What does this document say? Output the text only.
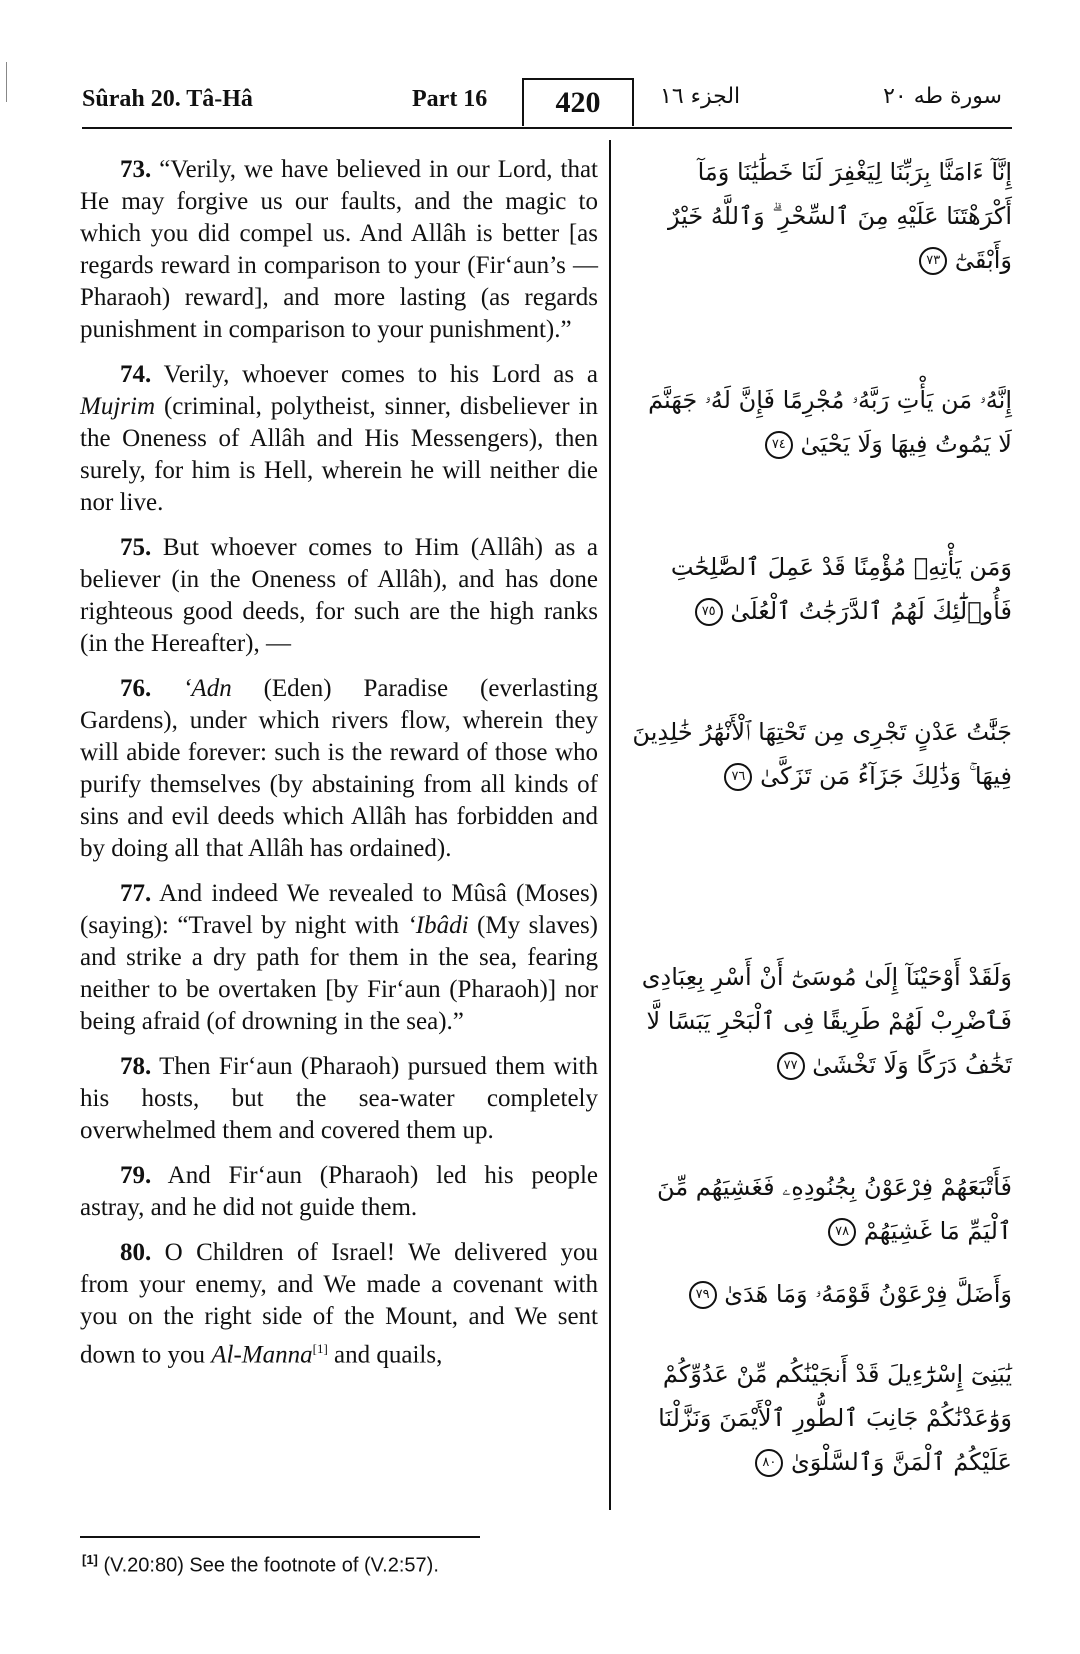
Sûrah 20. Tâ-Hâ	Part 16	420	الجزء ١٦	سورة طه ٢٠

73. “Verily, we have believed in our Lord, that He may forgive us our faults, and the magic to which you did compel us. And Allâh is better [as regards reward in comparison to your (Fir‘aun’s — Pharaoh) reward], and more lasting (as regards punishment in comparison to your punishment).”

74. Verily, whoever comes to his Lord as a Mujrim (criminal, polytheist, sinner, disbeliever in the Oneness of Allâh and His Messengers), then surely, for him is Hell, wherein he will neither die nor live.

75. But whoever comes to Him (Allâh) as a believer (in the Oneness of Allâh), and has done righteous good deeds, for such are the high ranks (in the Hereafter), —

76. ‘Adn (Eden) Paradise (everlasting Gardens), under which rivers flow, wherein they will abide forever: such is the reward of those who purify themselves (by abstaining from all kinds of sins and evil deeds which Allâh has forbidden and by doing all that Allâh has ordained).

77. And indeed We revealed to Mûsâ (Moses) (saying): “Travel by night with ‘Ibâdi (My slaves) and strike a dry path for them in the sea, fearing neither to be overtaken [by Fir‘aun (Pharaoh)] nor being afraid (of drowning in the sea).”

78. Then Fir‘aun (Pharaoh) pursued them with his hosts, but the sea-water completely overwhelmed them and covered them up.

79. And Fir‘aun (Pharaoh) led his people astray, and he did not guide them.

80. O Children of Israel! We delivered you from your enemy, and We made a covenant with you on the right side of the Mount, and We sent down to you Al-Manna[1] and quails,

إِنَّآ ءَامَنَّا بِرَبِّنَا لِيَغْفِرَ لَنَا خَطَٰيَٰنَا وَمَآ أَكْرَهْتَنَا عَلَيْهِ مِنَ ٱلسِّحْرِ ۗ وَٱللَّهُ خَيْرٌ وَأَبْقَىٰٓ ٧٣
إِنَّهُۥ مَن يَأْتِ رَبَّهُۥ مُجْرِمًا فَإِنَّ لَهُۥ جَهَنَّمَ لَا يَمُوتُ فِيهَا وَلَا يَحْيَىٰ ٧٤
وَمَن يَأْتِهِۦ مُؤْمِنًا قَدْ عَمِلَ ٱلصَّٰلِحَٰتِ فَأُو۟لَٰٓئِكَ لَهُمُ ٱلدَّرَجَٰتُ ٱلْعُلَىٰ ٧٥
جَنَّٰتُ عَدْنٍ تَجْرِى مِن تَحْتِهَا ٱلْأَنْهَٰرُ خَٰلِدِينَ فِيهَا ۚ وَذَٰلِكَ جَزَآءُ مَن تَزَكَّىٰ ٧٦
وَلَقَدْ أَوْحَيْنَآ إِلَىٰ مُوسَىٰٓ أَنْ أَسْرِ بِعِبَادِى فَٱضْرِبْ لَهُمْ طَرِيقًا فِى ٱلْبَحْرِ يَبَسًا لَّا تَخَٰفُ دَرَكًا وَلَا تَخْشَىٰ ٧٧
فَأَتْبَعَهُمْ فِرْعَوْنُ بِجُنُودِهِۦ فَغَشِيَهُم مِّنَ ٱلْيَمِّ مَا غَشِيَهُمْ ٧٨
وَأَضَلَّ فِرْعَوْنُ قَوْمَهُۥ وَمَا هَدَىٰ ٧٩
يَٰبَنِىٓ إِسْرَٰٓءِيلَ قَدْ أَنجَيْنَٰكُم مِّنْ عَدُوِّكُمْ وَوَٰعَدْنَٰكُمْ جَانِبَ ٱلطُّورِ ٱلْأَيْمَنَ وَنَزَّلْنَا عَلَيْكُمُ ٱلْمَنَّ وَٱلسَّلْوَىٰ ٨٠
[1] (V.20:80) See the footnote of (V.2:57).
